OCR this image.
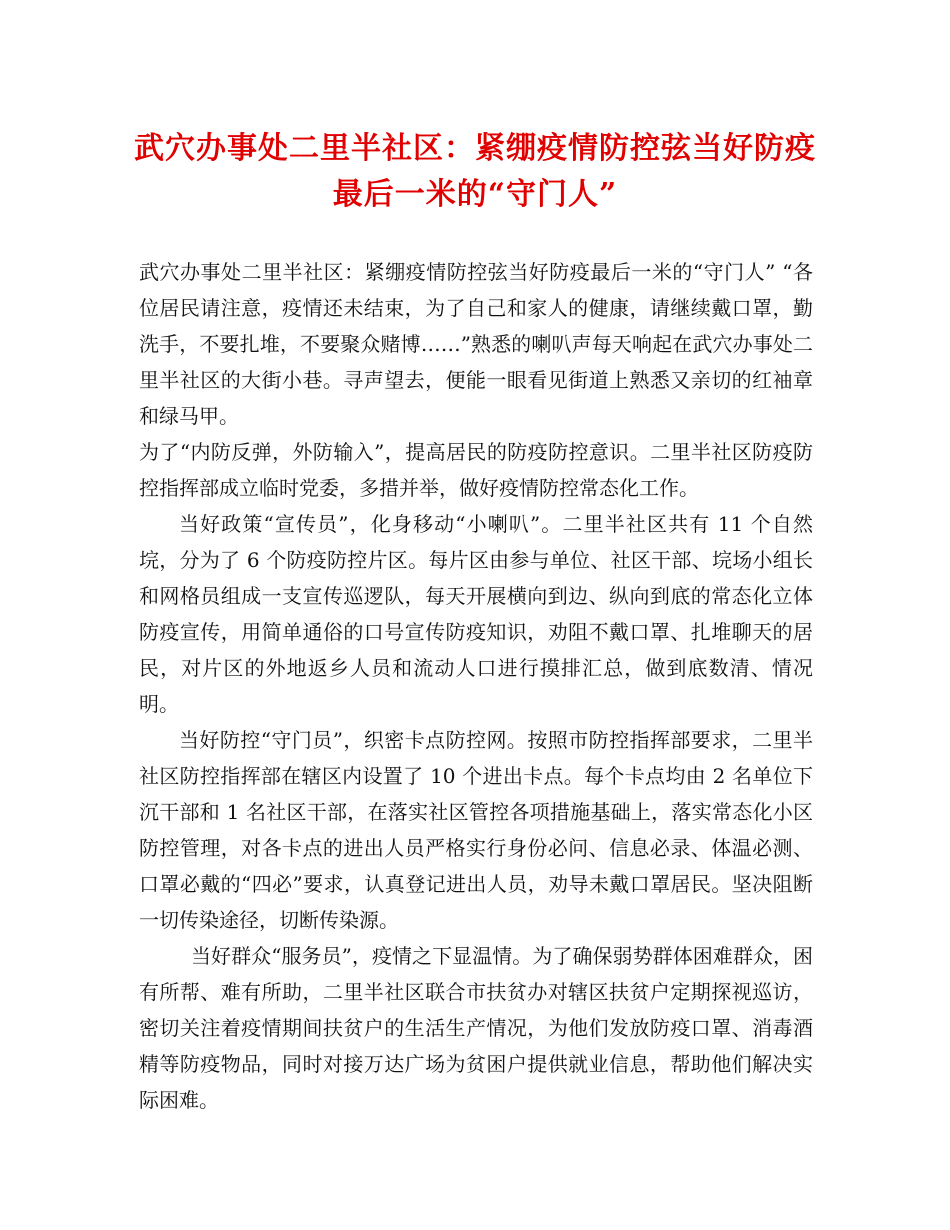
武穴办事处二里半社区：紧绷疫情防控弦当好防疫最后一米的“守门人”

武穴办事处二里半社区：紧绷疫情防控弦当好防疫最后一米的“守门人” “各位居民请注意，疫情还未结束，为了自己和家人的健康，请继续戴口罩，勤洗手，不要扎堆，不要聚众赌博……”熟悉的喇叭声每天响起在武穴办事处二里半社区的大街小巷。寻声望去，便能一眼看见街道上熟悉又亲切的红袖章和绿马甲。

为了“内防反弹，外防输入”，提高居民的防疫防控意识。二里半社区防疫防控指挥部成立临时党委，多措并举，做好疫情防控常态化工作。

当好政策“宣传员”，化身移动“小喇叭”。二里半社区共有 11 个自然垸，分为了 6 个防疫防控片区。每片区由参与单位、社区干部、垸场小组长和网格员组成一支宣传巡逻队，每天开展横向到边、纵向到底的常态化立体防疫宣传，用简单通俗的口号宣传防疫知识，劝阻不戴口罩、扎堆聊天的居民，对片区的外地返乡人员和流动人口进行摸排汇总，做到底数清、情况明。

当好防控“守门员”，织密卡点防控网。按照市防控指挥部要求，二里半社区防控指挥部在辖区内设置了 10 个进出卡点。每个卡点均由 2 名单位下沉干部和 1 名社区干部，在落实社区管控各项措施基础上，落实常态化小区防控管理，对各卡点的进出人员严格实行身份必问、信息必录、体温必测、口罩必戴的“四必”要求，认真登记进出人员，劝导未戴口罩居民。坚决阻断一切传染途径，切断传染源。

当好群众“服务员”，疫情之下显温情。为了确保弱势群体困难群众，困有所帮、难有所助，二里半社区联合市扶贫办对辖区扶贫户定期探视巡访，密切关注着疫情期间扶贫户的生活生产情况，为他们发放防疫口罩、消毒酒精等防疫物品，同时对接万达广场为贫困户提供就业信息，帮助他们解决实际困难。
